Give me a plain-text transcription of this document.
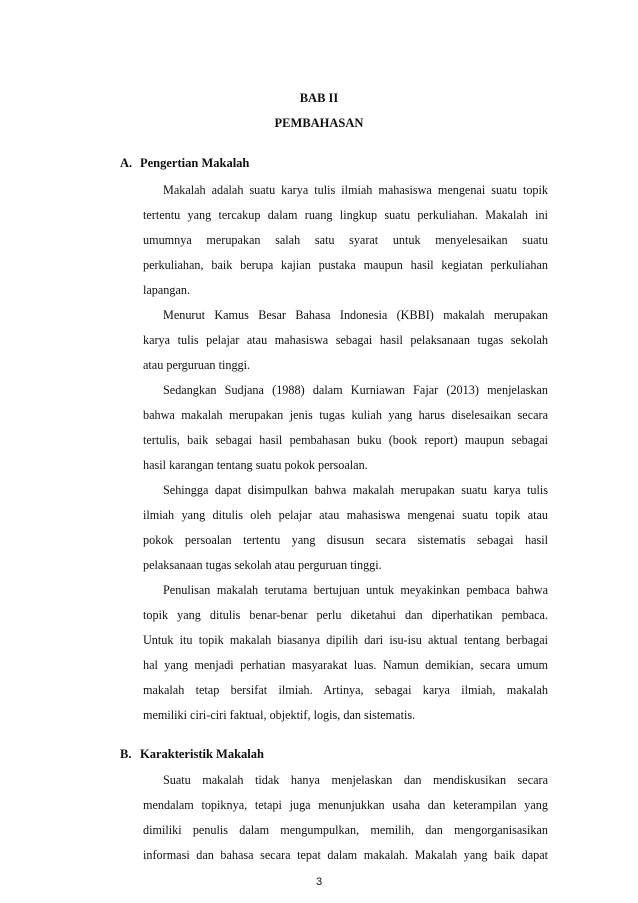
BAB II
PEMBAHASAN
A. Pengertian Makalah
Makalah adalah suatu karya tulis ilmiah mahasiswa mengenai suatu topik
tertentu yang tercakup dalam ruang lingkup suatu perkuliahan. Makalah ini
umumnya merupakan salah satu syarat untuk menyelesaikan suatu
perkuliahan, baik berupa kajian pustaka maupun hasil kegiatan perkuliahan
lapangan.
Menurut Kamus Besar Bahasa Indonesia (KBBI) makalah merupakan
karya tulis pelajar atau mahasiswa sebagai hasil pelaksanaan tugas sekolah
atau perguruan tinggi.
Sedangkan Sudjana (1988) dalam Kurniawan Fajar (2013) menjelaskan
bahwa makalah merupakan jenis tugas kuliah yang harus diselesaikan secara
tertulis, baik sebagai hasil pembahasan buku (book report) maupun sebagai
hasil karangan tentang suatu pokok persoalan.
Sehingga dapat disimpulkan bahwa makalah merupakan suatu karya tulis
ilmiah yang ditulis oleh pelajar atau mahasiswa mengenai suatu topik atau
pokok persoalan tertentu yang disusun secara sistematis sebagai hasil
pelaksanaan tugas sekolah atau perguruan tinggi.
Penulisan makalah terutama bertujuan untuk meyakinkan pembaca bahwa
topik yang ditulis benar-benar perlu diketahui dan diperhatikan pembaca.
Untuk itu topik makalah biasanya dipilih dari isu-isu aktual tentang berbagai
hal yang menjadi perhatian masyarakat luas. Namun demikian, secara umum
makalah tetap bersifat ilmiah. Artinya, sebagai karya ilmiah, makalah
memiliki ciri-ciri faktual, objektif, logis, dan sistematis.
B. Karakteristik Makalah
Suatu makalah tidak hanya menjelaskan dan mendiskusikan secara
mendalam topiknya, tetapi juga menunjukkan usaha dan keterampilan yang
dimiliki penulis dalam mengumpulkan, memilih, dan mengorganisasikan
informasi dan bahasa secara tepat dalam makalah. Makalah yang baik dapat
3
